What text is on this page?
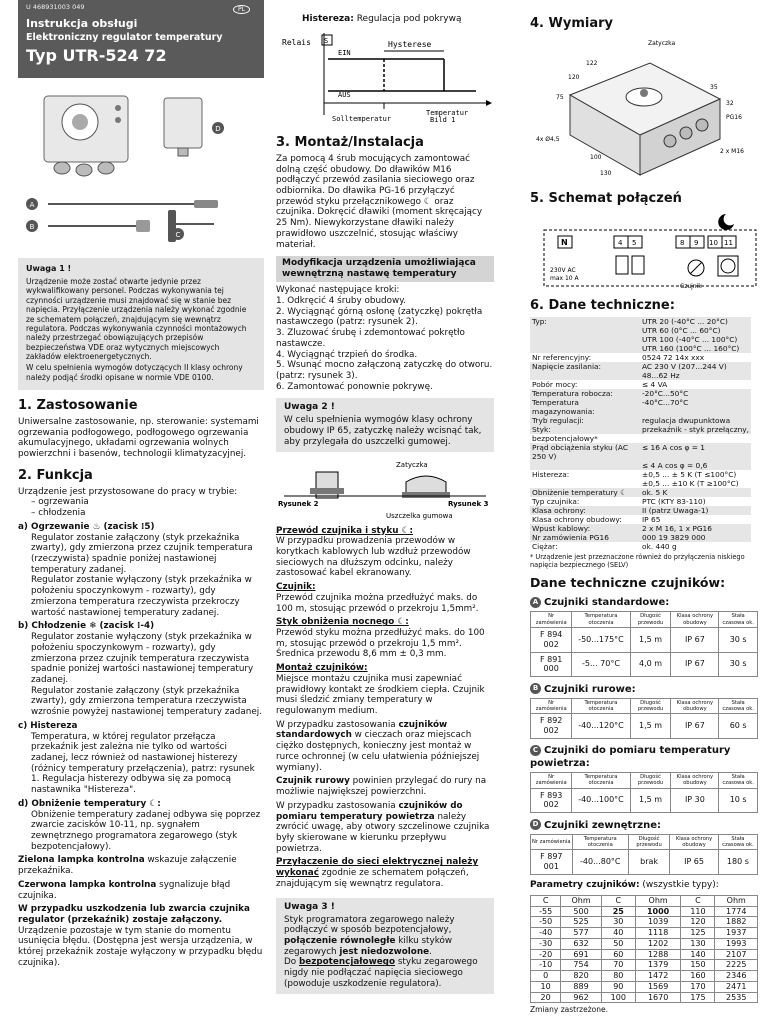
U 468931003 049	PL
Instrukcja obsługi
Elektroniczny regulator temperatury
Typ UTR-524 72
A
B
C
D
Uwaga 1 !

Urządzenie może zostać otwarte jedynie przez wykwalifikowany personel. Podczas wykonywania tej czynności urządzenie musi znajdować się w stanie bez napięcia. Przyłączenie urządzenia należy wykonać zgodnie ze schematem połączeń, znajdującym się wewnątrz regulatora. Podczas wykonywania czynności montażowych należy przestrzegać obowiązujących przepisów bezpieczeństwa VDE oraz wytycznych miejscowych zakładów elektroenergetycznych.

W celu spełnienia wymogów dotyczących II klasy ochrony należy podjąć środki opisane w normie VDE 0100.

1. Zastosowanie

Uniwersalne zastosowanie, np. sterowanie: systemami ogrzewania podłogowego, podłogowego ogrzewania akumulacyjnego, układami ogrzewania wolnych powierzchni i basenów, technologii klimatyzacyjnej.

2. Funkcja

Urządzenie jest przystosowane do pracy w trybie:

– ogrzewania

– chłodzenia

a) Ogrzewanie ♨ (zacisk ⁞5)

Regulator zostanie załączony (styk przekaźnika zwarty), gdy zmierzona przez czujnik temperatura (rzeczywista) spadnie poniżej nastawionej temperatury zadanej.

Regulator zostanie wyłączony (styk przekaźnika w położeniu spoczynkowym - rozwarty), gdy zmierzona temperatura rzeczywista przekroczy wartość nastawionej temperatury zadanej.

b) Chłodzenie ❄ (zacisk ⁞-4)

Regulator zostanie wyłączony (styk przekaźnika w położeniu spoczynkowym - rozwarty), gdy zmierzona przez czujnik temperatura rzeczywista spadnie poniżej wartości nastawionej temperatury zadanej.

Regulator zostanie załączony (styk przekaźnika zwarty), gdy zmierzona temperatura rzeczywista wzrośnie powyżej nastawionej temperatury zadanej.

c) Histereza

Temperatura, w której regulator przełącza przekaźnik jest zależna nie tylko od wartości zadanej, lecz również od nastawionej histerezy (różnicy temperatury przełączenia), patrz: rysunek 1. Regulacja histerezy odbywa się za pomocą nastawnika "Histereza".

d) Obniżenie temperatury ☾:

Obniżenie temperatury zadanej odbywa się poprzez zwarcie zacisków 10-11, np. sygnałem zewnętrznego programatora zegarowego (styk bezpotencjałowy).

Zielona lampka kontrolna wskazuje załączenie przekaźnika.

Czerwona lampka kontrolna sygnalizuje błąd czujnika.

W przypadku uszkodzenia lub zwarcia czujnika regulator (przekaźnik) zostaje załączony. Urządzenie pozostaje w tym stanie do momentu usunięcia błędu. (Dostępna jest wersja urządzenia, w której przekaźnik zostaje wyłączony w przypadku błędu czujnika).

Histereza: Regulacja pod pokrywą

Relais S
EIN
AUS
Hysterese
Temperatur
Solltemperatur	Bild 1
3. Montaż/Instalacja

Za pomocą 4 śrub mocujących zamontować dolną część obudowy. Do dławików M16 podłączyć przewód zasilania sieciowego oraz odbiornika. Do dławika PG-16 przyłączyć przewód styku przełącznikowego ☾ oraz czujnika. Dokręcić dławiki (moment skręcający 25 Nm). Niewykorzystane dławiki należy prawidłowo uszczelnić, stosując właściwy materiał.

Modyfikacja urządzenia umożliwiająca wewnętrzną nastawę temperatury

Wykonać następujące kroki:

1. Odkręcić 4 śruby obudowy.

2. Wyciągnąć górną osłonę (zatyczkę) pokrętła nastawczego (patrz: rysunek 2).

3. Zluzować śrubę i zdemontować pokrętło nastawcze.

4. Wyciągnąć trzpień do środka.

5. Wsunąć mocno załączoną zatyczkę do otworu. (patrz: rysunek 3).

6. Zamontować ponownie pokrywę.

Uwaga 2 !

W celu spełnienia wymogów klasy ochrony obudowy IP 65, zatyczkę należy wcisnąć tak, aby przylegała do uszczelki gumowej.

Zatyczka
Rysunek 2	Rysunek 3
Uszczelka gumowa

Przewód czujnika i styku ☾:

W przypadku prowadzenia przewodów w korytkach kablowych lub wzdłuż przewodów sieciowych na dłuższym odcinku, należy zastosować kabel ekranowany.

Czujnik:

Przewód czujnika można przedłużyć maks. do 100 m, stosując przewód o przekroju 1,5mm².

Styk obniżenia nocnego ☾:

Przewód styku można przedłużyć maks. do 100 m, stosując przewód o przekroju 1,5 mm². Średnica przewodu 8,6 mm ± 0,3 mm.

Montaż czujników:

Miejsce montażu czujnika musi zapewniać prawidłowy kontakt ze środkiem ciepła. Czujnik musi śledzić zmiany temperatury w regulowanym medium.

W przypadku zastosowania czujników standardowych w cieczach oraz miejscach ciężko dostępnych, konieczny jest montaż w rurce ochronnej (w celu ułatwienia późniejszej wymiany).

Czujnik rurowy powinien przylegać do rury na możliwie największej powierzchni.

W przypadku zastosowania czujników do pomiaru temperatury powietrza należy zwrócić uwagę, aby otwory szczelinowe czujnika były skierowane w kierunku przepływu powietrza.

Przyłączenie do sieci elektrycznej należy wykonać zgodnie ze schematem połączeń, znajdującym się wewnątrz regulatora.

Uwaga 3 !

Styk programatora zegarowego należy podłączyć w sposób bezpotencjałowy, połączenie równoległe kilku styków zegarowych jest niedozwolone.

Do bezpotencjałowego styku zegarowego nigdy nie podłączać napięcia sieciowego (powoduje uszkodzenie regulatora).

4. Wymiary
Zatyczka
120
75
122
4x Ø4,5
130
100
32
PG16
2 x M16
35
5. Schemat połączeń
N	4 5	8 9 10 11
Czujnik
230V AC
max 10 A
6. Dane techniczne:
Typ:	UTR 20 (-40°C ... 20°C)
	UTR 60 (0°C ... 60°C)
	UTR 100 (-40°C ... 100°C)
	UTR 160 (100°C ... 160°C)
Nr referencyjny:	0524 72 14x xxx
Napięcie zasilania:	AC 230 V (207...244 V)
	48...62 Hz
Pobór mocy:	≤ 4 VA
Temperatura robocza:	-20°C...50°C
Temperatura magazynowania:	-40°C...70°C
Tryb regulacji:	regulacja dwupunktowa
Styk:	przekaźnik - styk przełączny,
bezpotencjałowy*	
Prąd obciążenia styku (AC 250 V)	≤ 16 A cos φ = 1
	≤ 4 A cos φ = 0,6
Histereza:	±0,5 ... ± 5 K (T ≤100°C)
	±0,5 ... ±10 K (T ≥100°C)
Obniżenie temperatury ☾	ok. 5 K
Typ czujnika:	PTC (KTY 83-110)
Klasa ochrony:	II (patrz Uwaga-1)
Klasa ochrony obudowy:	IP 65
Wpust kablowy:	2 x M 16, 1 x PG16
Nr zamówienia PG16	000 19 3829 000
Ciężar:	ok. 440 g

* Urządzenie jest przeznaczone również do przyłączenia niskiego napięcia bezpiecznego (SELV)

Dane techniczne czujników:
A Czujniki standardowe:
Nr zamówienia	Temperatura otoczenia	Długość przewodu	Klasa ochrony obudowy	Stała czasowa ok.
F 894 002	-50...175°C	1,5 m	IP 67	30 s
F 891 000	-5... 70°C	4,0 m	IP 67	30 s
B Czujniki rurowe:
Nr zamówienia	Temperatura otoczenia	Długość przewodu	Klasa ochrony obudowy	Stała czasowa ok.
F 892 002	-40...120°C	1,5 m	IP 67	60 s
C Czujniki do pomiaru temperatury powietrza:
Nr zamówienia	Temperatura otoczenia	Długość przewodu	Klasa ochrony obudowy	Stała czasowa ok.
F 893 002	-40...100°C	1,5 m	IP 30	10 s
D Czujniki zewnętrzne:
Nr zamówienia	Temperatura otoczenia	Długość przewodu	Klasa ochrony obudowy	Stała czasowa ok.
F 897 001	-40...80°C	brak	IP 65	180 s

Parametry czujników: (wszystkie typy):

C	Ohm	C	Ohm	C	Ohm
-55	500	25	1000	110	1774
-50	525	30	1039	120	1882
-40	577	40	1118	125	1937
-30	632	50	1202	130	1993
-20	691	60	1288	140	2107
-10	754	70	1379	150	2225
0	820	80	1472	160	2346
10	889	90	1569	170	2471
20	962	100	1670	175	2535

Zmiany zastrzeżone.
